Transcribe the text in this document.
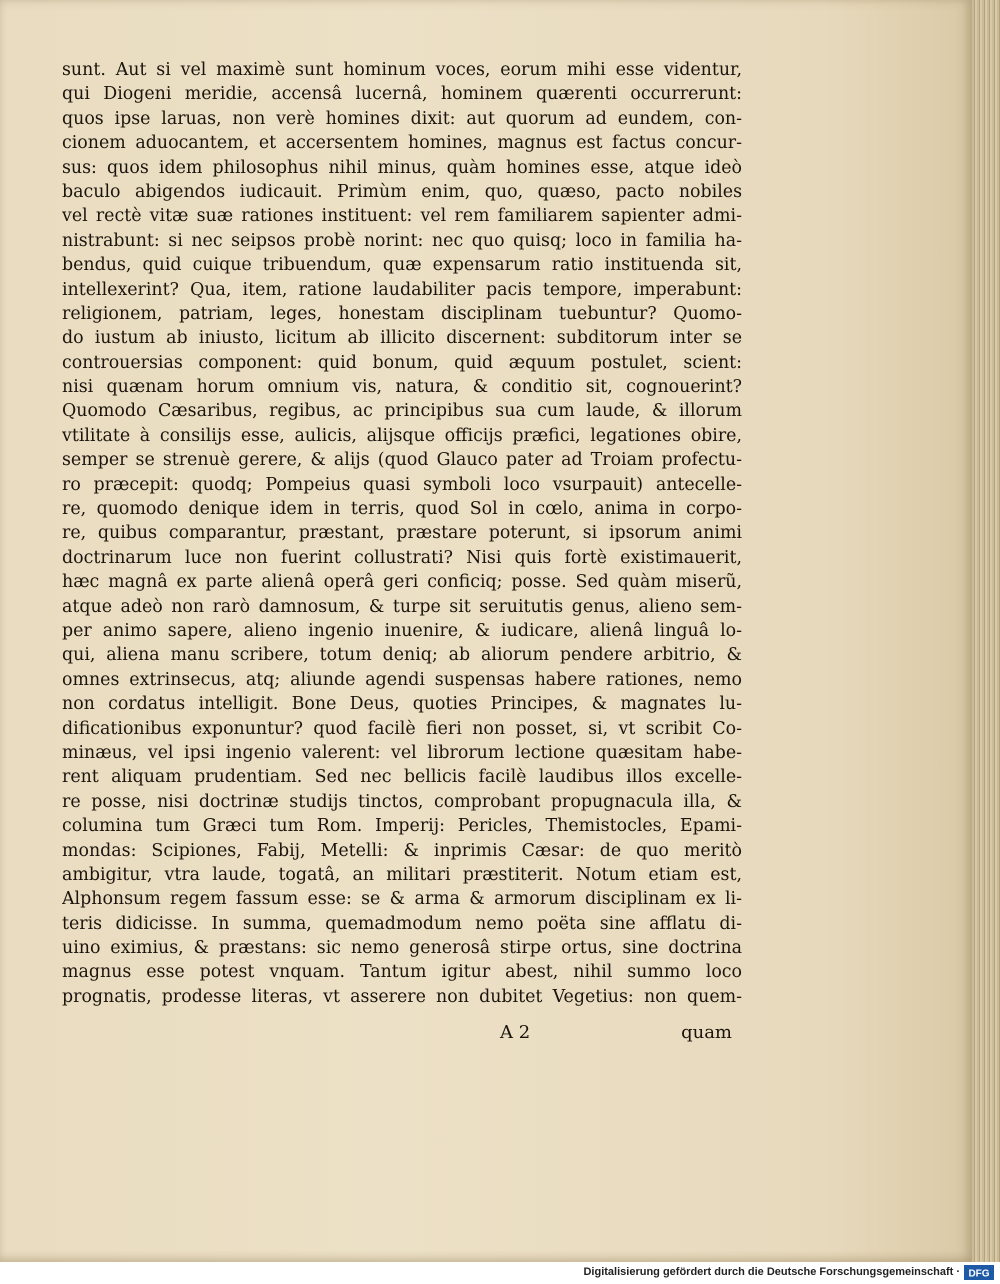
sunt. Aut si vel maximè sunt hominum voces, eorum mihi esse videntur,
qui Diogeni meridie, accensâ lucernâ, hominem quærenti occurrerunt:
quos ipse laruas, non verè homines dixit: aut quorum ad eundem, con-
cionem aduocantem, et accersentem homines, magnus est factus concur-
sus: quos idem philosophus nihil minus, quàm homines esse, atque ideò
baculo abigendos iudicauit. Primùm enim, quo, quæso, pacto nobiles
vel rectè vitæ suæ rationes instituent: vel rem familiarem sapienter admi-
nistrabunt: si nec seipsos probè norint: nec quo quisq; loco in familia ha-
bendus, quid cuique tribuendum, quæ expensarum ratio instituenda sit,
intellexerint? Qua, item, ratione laudabiliter pacis tempore, imperabunt:
religionem, patriam, leges, honestam disciplinam tuebuntur? Quomo-
do iustum ab iniusto, licitum ab illicito discernent: subditorum inter se
controuersias component: quid bonum, quid æquum postulet, scient:
nisi quænam horum omnium vis, natura, & conditio sit, cognouerint?
Quomodo Cæsaribus, regibus, ac principibus sua cum laude, & illorum
vtilitate à consilijs esse, aulicis, alijsque officijs præfici, legationes obire,
semper se strenuè gerere, & alijs (quod Glauco pater ad Troiam profectu-
ro præcepit: quodq; Pompeius quasi symboli loco vsurpauit) antecelle-
re, quomodo denique idem in terris, quod Sol in cœlo, anima in corpo-
re, quibus comparantur, præstant, præstare poterunt, si ipsorum animi
doctrinarum luce non fuerint collustrati? Nisi quis fortè existimauerit,
hæc magnâ ex parte alienâ operâ geri conficiq; posse. Sed quàm miserũ,
atque adeò non rarò damnosum, & turpe sit seruitutis genus, alieno sem-
per animo sapere, alieno ingenio inuenire, & iudicare, alienâ linguâ lo-
qui, aliena manu scribere, totum deniq; ab aliorum pendere arbitrio, &
omnes extrinsecus, atq; aliunde agendi suspensas habere rationes, nemo
non cordatus intelligit. Bone Deus, quoties Principes, & magnates lu-
dificationibus exponuntur? quod facilè fieri non posset, si, vt scribit Co-
minæus, vel ipsi ingenio valerent: vel librorum lectione quæsitam habe-
rent aliquam prudentiam. Sed nec bellicis facilè laudibus illos excelle-
re posse, nisi doctrinæ studijs tinctos, comprobant propugnacula illa, &
columina tum Græci tum Rom. Imperij: Pericles, Themistocles, Epami-
mondas: Scipiones, Fabij, Metelli: & inprimis Cæsar: de quo meritò
ambigitur, vtra laude, togatâ, an militari præstiterit. Notum etiam est,
Alphonsum regem fassum esse: se & arma & armorum disciplinam ex li-
teris didicisse. In summa, quemadmodum nemo poëta sine afflatu di-
uino eximius, & præstans: sic nemo generosâ stirpe ortus, sine doctrina
magnus esse potest vnquam. Tantum igitur abest, nihil summo loco
prognatis, prodesse literas, vt asserere non dubitet Vegetius: non quem-
A 2	quam
Digitalisierung gefördert durch die Deutsche Forschungsgemeinschaft · DFG
